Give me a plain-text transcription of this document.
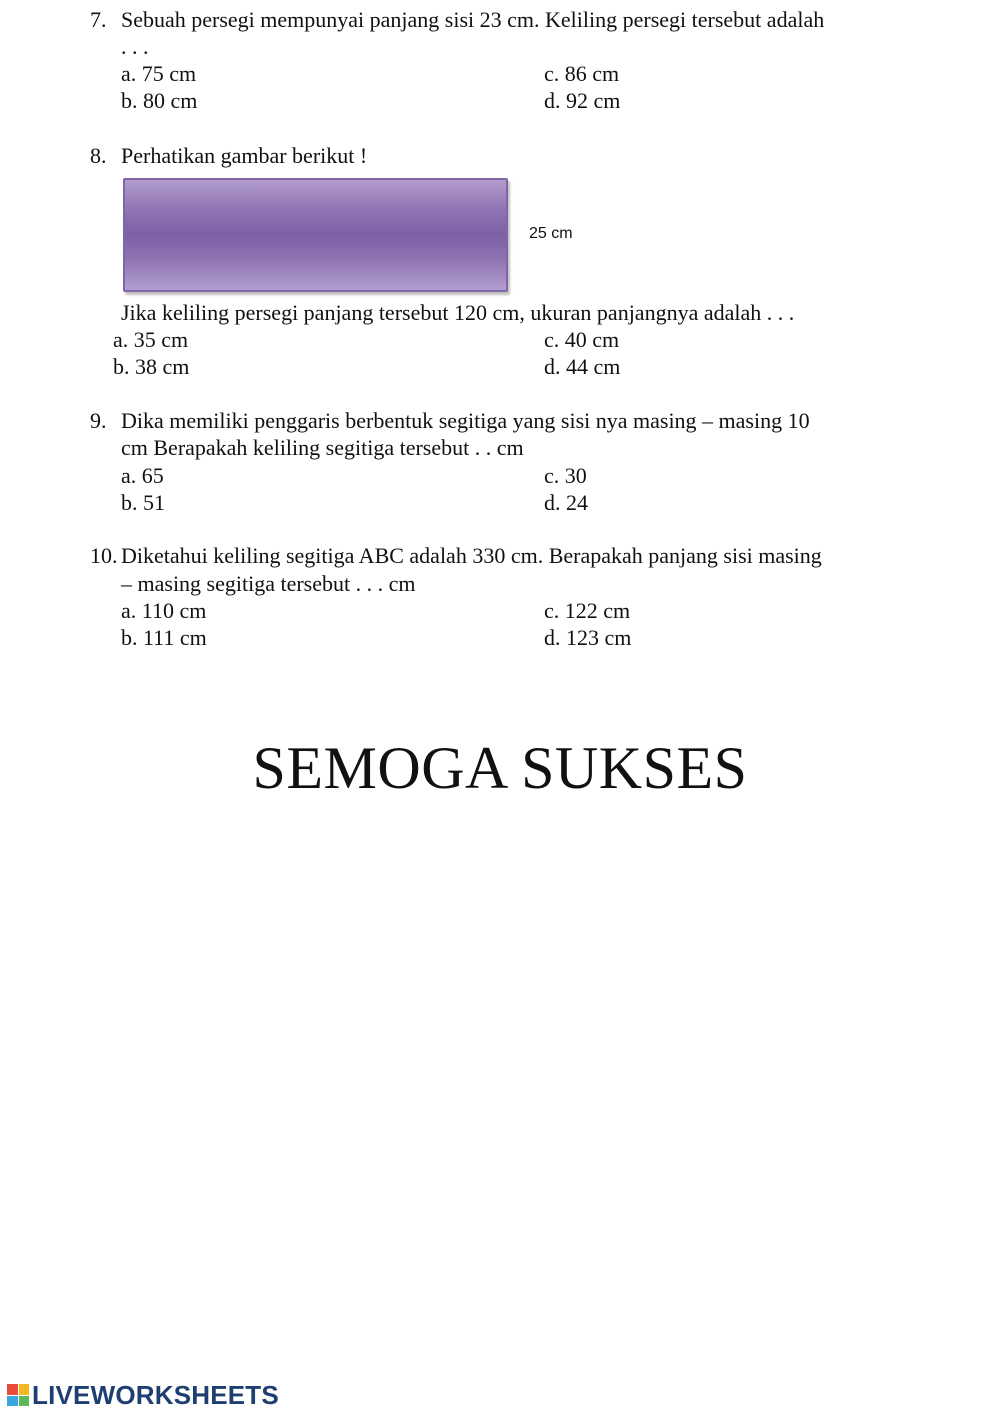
7. Sebuah persegi mempunyai panjang sisi 23 cm. Keliling persegi tersebut adalah
. . .
a. 75 cm
b. 80 cm
c. 86 cm
d. 92 cm
8. Perhatikan gambar berikut !
25 cm
Jika keliling persegi panjang tersebut 120 cm, ukuran panjangnya adalah . . .
a. 35 cm
b. 38 cm
c. 40 cm
d. 44 cm
9. Dika memiliki penggaris berbentuk segitiga yang sisi nya masing – masing 10
cm Berapakah keliling segitiga tersebut . . cm
a. 65
b. 51
c. 30
d. 24
10. Diketahui keliling segitiga ABC adalah 330 cm. Berapakah panjang sisi masing
– masing segitiga tersebut . . . cm
a. 110 cm
b. 111 cm
c. 122 cm
d. 123 cm
SEMOGA SUKSES
LIVEWORKSHEETS
